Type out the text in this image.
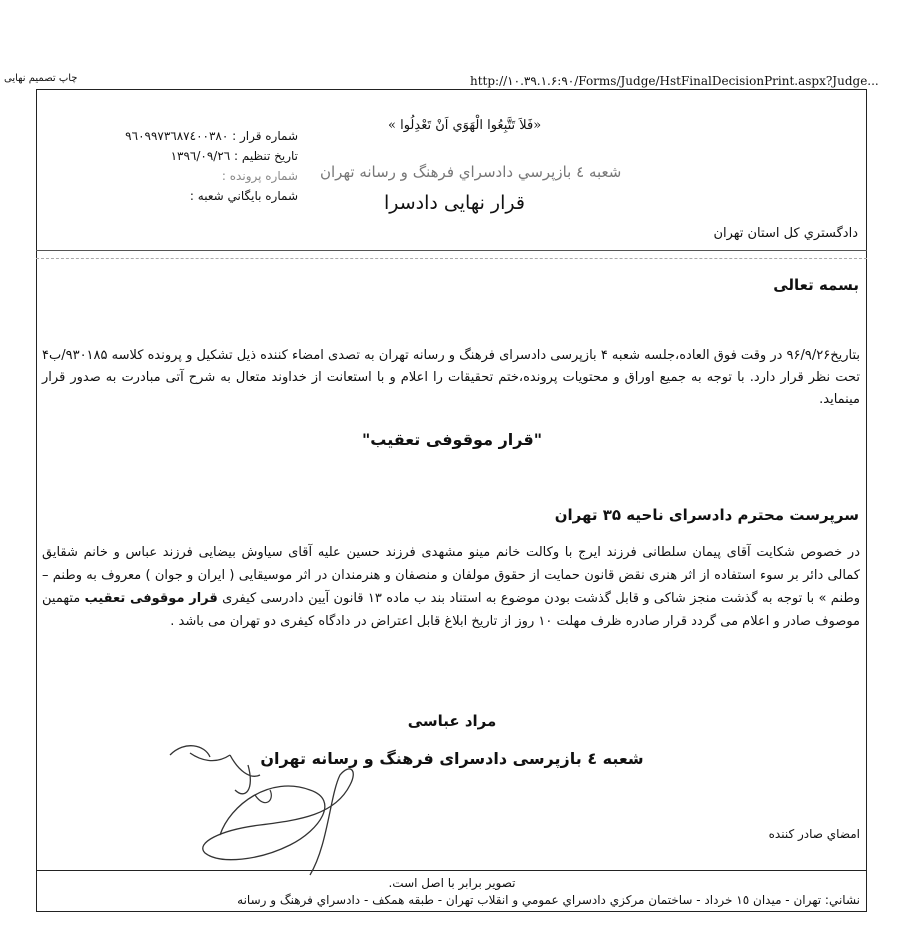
چاپ تصمیم نهایی	http://۱۰.۳۹.۱.۶:۹۰/Forms/Judge/HstFinalDecisionPrint.aspx?Judge...
«فَلاَ تَتَّبِعُوا الْهَوَي اَنْ تَعْدِلُوا »
شعبه ٤ بازپرسي دادسراي فرهنگ و رسانه تهران
قرار نهایی دادسرا
دادگستري کل استان تهران
شماره قرار : ٩٦٠٩٩٧٣٦٨٧٤٠٠٣٨٠
تاريخ تنظيم : ١٣٩٦/٠٩/٢٦
شماره پرونده :
شماره بايگاني شعبه :
بسمه تعالی
بتاریخ۹۶/۹/۲۶ در وقت فوق العاده،جلسه شعبه ۴ بازپرسی دادسرای فرهنگ و رسانه تهران به تصدی امضاء کننده ذیل تشکیل و پرونده کلاسه ۹۳۰۱۸۵/ب۴ تحت نظر قرار دارد. با توجه به جمیع اوراق و محتویات پرونده،ختم تحقیقات را اعلام و با استعانت از خداوند متعال به شرح آتی مبادرت به صدور قرار مینماید.
"قرار موقوفی تعقیب"
سرپرست محترم دادسرای ناحیه ۳۵ تهران
در خصوص شکایت آقای پیمان سلطانی فرزند ایرج با وکالت خانم مینو مشهدی فرزند حسین علیه آقای سیاوش بیضایی فرزند عباس و خانم شقایق کمالی دائر بر سوء استفاده از اثر هنری نقض قانون حمایت از حقوق مولفان و منصفان و هنرمندان در اثر موسیقایی ( ایران و جوان ) معروف به وطنم – وطنم » با توجه به گذشت منجز شاکی و قابل گذشت بودن موضوع به استناد بند ب ماده ۱۳ قانون آیین دادرسی کیفری قرار موقوفی تعقیب متهمین موصوف صادر و اعلام می گردد قرار صادره ظرف مهلت ۱۰ روز از تاریخ ابلاغ قابل اعتراض در دادگاه کیفری دو تهران می باشد .
مراد عباسی
شعبه ٤ بازپرسی دادسرای فرهنگ و رسانه تهران
امضاي صادر كننده
تصوير برابر با اصل است.
نشاني: تهران - ميدان ١٥ خرداد - ساختمان مرکزي دادسراي عمومي و انقلاب تهران - طبقه همکف - دادسراي فرهنگ و رسانه
